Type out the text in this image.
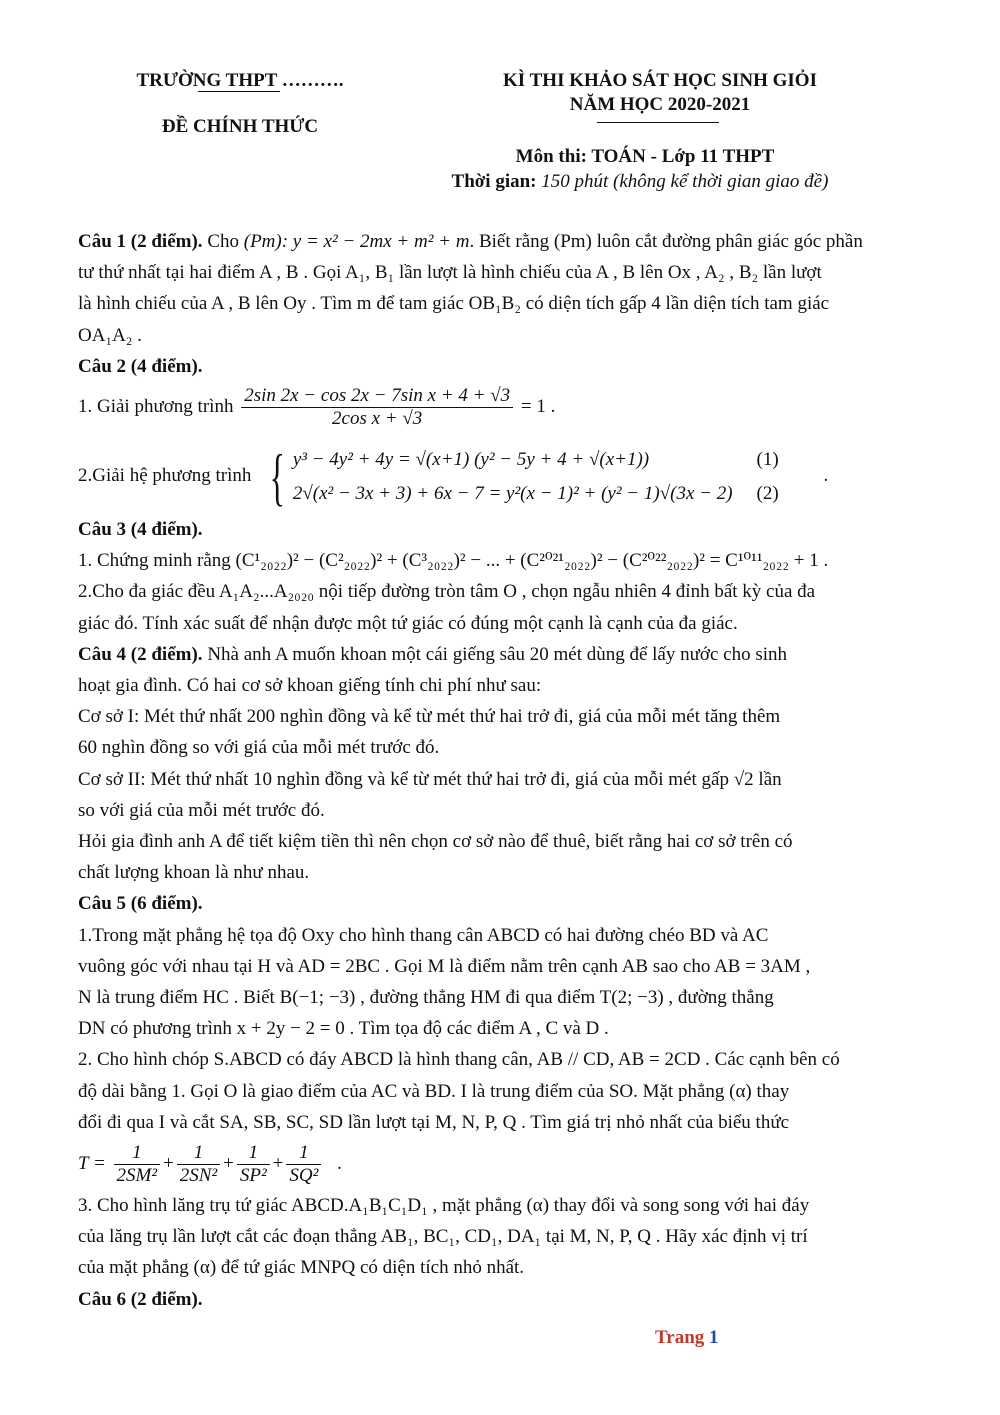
TRƯỜNG THPT ……….
ĐỀ CHÍNH THỨC
KÌ THI KHẢO SÁT HỌC SINH GIỎI
NĂM HỌC 2020-2021
Môn thi: TOÁN - Lớp 11 THPT
Thời gian: 150 phút (không kể thời gian giao đề)

Câu 1 (2 điểm). Cho (Pm): y = x² − 2mx + m² + m. Biết rằng (Pm) luôn cắt đường phân giác góc phần

tư thứ nhất tại hai điểm A , B . Gọi A₁, B₁ lần lượt là hình chiếu của A , B lên Ox , A₂ , B₂ lần lượt

là hình chiếu của A , B lên Oy . Tìm m để tam giác OB₁B₂ có diện tích gấp 4 lần diện tích tam giác

OA₁A₂ .

Câu 2 (4 điểm).

1. Giải phương trình $\frac{\text{2sin 2x − cos 2x − 7sin x + 4 + √3}}{\text{2cos x + √3}} = 1$ .

2.Giải hệ phương trình { y³ − 4y² + 4y = √(x+1) (y² − 5y + 4 + √(x+1))	(1)
2√(x² − 3x + 3) + 6x − 7 = y²(x − 1)² + (y² − 1)√(3x − 2) (2)
.

Câu 3 (4 điểm).

1. Chứng minh rằng (C¹₂₀₂₂)² − (C²₂₀₂₂)² + (C³₂₀₂₂)² − ... + (C²⁰²¹₂₀₂₂)² − (C²⁰²²₂₀₂₂)² = C¹⁰¹¹₂₀₂₂ + 1 .

2.Cho đa giác đều A₁A₂...A₂₀₂₀ nội tiếp đường tròn tâm O , chọn ngẫu nhiên 4 đỉnh bất kỳ của đa

giác đó. Tính xác suất để nhận được một tứ giác có đúng một cạnh là cạnh của đa giác.

Câu 4 (2 điểm). Nhà anh A muốn khoan một cái giếng sâu 20 mét dùng để lấy nước cho sinh

hoạt gia đình. Có hai cơ sở khoan giếng tính chi phí như sau:

Cơ sở I: Mét thứ nhất 200 nghìn đồng và kể từ mét thứ hai trở đi, giá của mỗi mét tăng thêm

60 nghìn đồng so với giá của mỗi mét trước đó.

Cơ sở II: Mét thứ nhất 10 nghìn đồng và kể từ mét thứ hai trở đi, giá của mỗi mét gấp √2 lần

so với giá của mỗi mét trước đó.

Hỏi gia đình anh A để tiết kiệm tiền thì nên chọn cơ sở nào để thuê, biết rằng hai cơ sở trên có

chất lượng khoan là như nhau.

Câu 5 (6 điểm).

1.Trong mặt phẳng hệ tọa độ Oxy cho hình thang cân ABCD có hai đường chéo BD và AC

vuông góc với nhau tại H và AD = 2BC . Gọi M là điểm nằm trên cạnh AB sao cho AB = 3AM ,

N là trung điểm HC . Biết B(−1; −3) , đường thẳng HM đi qua điểm T(2; −3) , đường thẳng

DN có phương trình x + 2y − 2 = 0 . Tìm tọa độ các điểm A , C và D .

2. Cho hình chóp S.ABCD có đáy ABCD là hình thang cân, AB // CD, AB = 2CD . Các cạnh bên có

độ dài bằng 1. Gọi O là giao điểm của AC và BD. I là trung điểm của SO. Mặt phẳng (α) thay

đổi đi qua I và cắt SA, SB, SC, SD lần lượt tại M, N, P, Q . Tìm giá trị nhỏ nhất của biểu thức

$T = \frac{1}{\text{2SM²}} + \frac{1}{\text{2SN²}} + \frac{1}{\text{SP²}} + \frac{1}{\text{SQ²}}$ .

3. Cho hình lăng trụ tứ giác ABCD.A₁B₁C₁D₁ , mặt phẳng (α) thay đổi và song song với hai đáy

của lăng trụ lần lượt cắt các đoạn thẳng AB₁, BC₁, CD₁, DA₁ tại M, N, P, Q . Hãy xác định vị trí

của mặt phẳng (α) để tứ giác MNPQ có diện tích nhỏ nhất.

Câu 6 (2 điểm).

Trang 1
